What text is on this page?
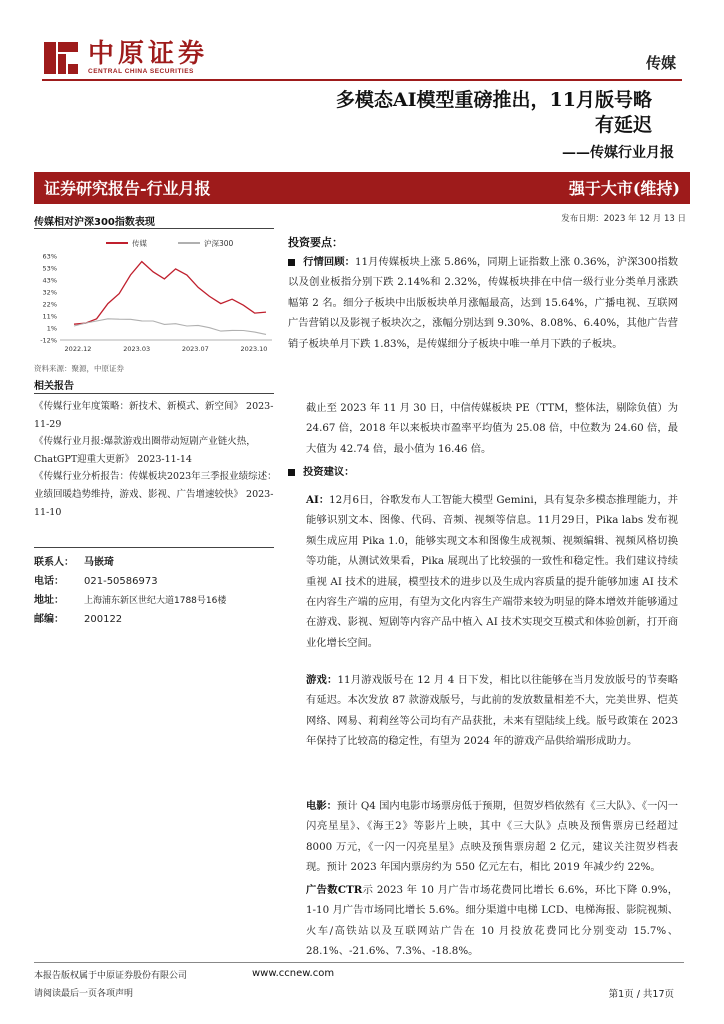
中原证券
CENTRAL CHINA SECURITIES	传媒
多模态AI模型重磅推出，11月版号略
有延迟
——传媒行业月报
证券研究报告-行业月报	强于大市(维持)
传媒相对沪深300指数表现
传媒	沪深300
63%
53%
43%
32%
22%
11%
1%
-12%
2022.12	2023.03	2023.07	2023.10
资料来源：聚源，中原证券
相关报告
《传媒行业年度策略：新技术、新模式、新空间》 2023-11-29
《传媒行业月报:爆款游戏出圈带动短剧产业链火热，ChatGPT迎重大更新》 2023-11-14
《传媒行业分析报告：传媒板块2023年三季报业绩综述：业绩回暖趋势维持，游戏、影视、广告增速较快》 2023-11-10
联系人： 马嵌琦
电话： 021-50586973
地址： 上海浦东新区世纪大道1788号16楼
邮编： 200122
发布日期：2023 年 12 月 13 日
投资要点：
行情回顾：11月传媒板块上涨 5.86%，同期上证指数上涨 0.36%，沪深300指数以及创业板指分别下跌 2.14%和 2.32%，传媒板块排在中信一级行业分类单月涨跌幅第 2 名。细分子板块中出版板块单月涨幅最高，达到 15.64%，广播电视、互联网广告营销以及影视子板块次之，涨幅分别达到 9.30%、8.08%、6.40%，其他广告营销子板块单月下跌 1.83%，是传媒细分子板块中唯一单月下跌的子板块。
截止至 2023 年 11 月 30 日，中信传媒板块 PE（TTM，整体法，剔除负值）为 24.67 倍，2018 年以来板块市盈率平均值为 25.08 倍，中位数为 24.60 倍，最大值为 42.74 倍，最小值为 16.46 倍。
投资建议：
AI：12月6日，谷歌发布人工智能大模型 Gemini，具有复杂多模态推理能力，并能够识别文本、图像、代码、音频、视频等信息。11月29日，Pika labs 发布视频生成应用 Pika 1.0，能够实现文本和图像生成视频、视频编辑、视频风格切换等功能，从测试效果看，Pika 展现出了比较强的一致性和稳定性。我们建议持续重视 AI 技术的进展，模型技术的进步以及生成内容质量的提升能够加速 AI 技术在内容生产端的应用，有望为文化内容生产端带来较为明显的降本增效并能够通过在游戏、影视、短剧等内容产品中植入 AI 技术实现交互模式和体验创新，打开商业化增长空间。
游戏：11月游戏版号在 12 月 4 日下发，相比以往能够在当月发放版号的节奏略有延迟。本次发放 87 款游戏版号，与此前的发放数量相差不大，完美世界、恺英网络、网易、莉莉丝等公司均有产品获批，未来有望陆续上线。版号政策在 2023 年保持了比较高的稳定性，有望为 2024 年的游戏产品供给端形成助力。
电影：预计 Q4 国内电影市场票房低于预期，但贺岁档依然有《三大队》、《一闪一闪亮星星》、《海王2》等影片上映，其中《三大队》点映及预售票房已经超过 8000 万元，《一闪一闪亮星星》点映及预售票房超 2 亿元，建议关注贺岁档表现。预计 2023 年国内票房约为 550 亿元左右，相比 2019 年减少约 22%。
广告数CTR示 2023 年 10 月广告市场花费同比增长 6.6%，环比下降 0.9%，1-10 月广告市场同比增长 5.6%。细分渠道中电梯 LCD、电梯海报、影院视频、火车/高铁站以及互联网站广告在 10 月投放花费同比分别变动 15.7%、28.1%、-21.6%、7.3%、-18.8%。
本报告版权属于中原证券股份有限公司	www.ccnew.com
请阅读最后一页各项声明	第1页 / 共17页
